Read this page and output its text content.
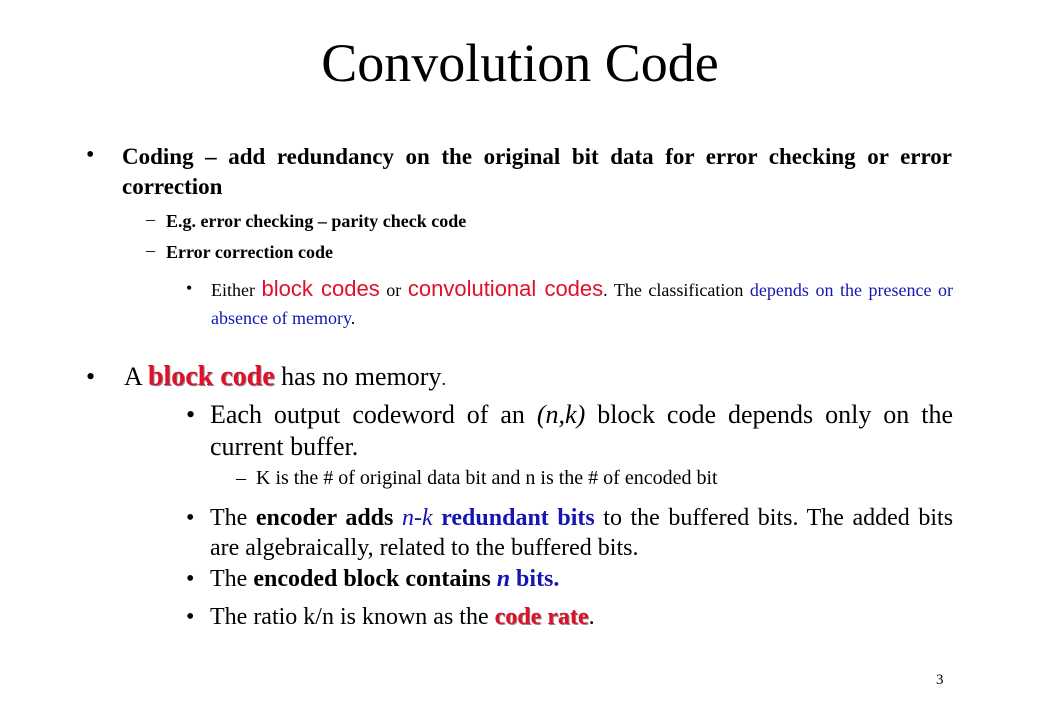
Convolution Code
• Coding – add redundancy on the original bit data for error checking or error correction
– E.g. error checking – parity check code
– Error correction code
• Either block codes or convolutional codes. The classification depends on the presence or absence of memory.
• A block code has no memory.
• Each output codeword of an (n,k) block code depends only on the current buffer.
– K is the # of original data bit and n is the # of encoded bit
• The encoder adds n-k redundant bits to the buffered bits. The added bits are algebraically, related to the buffered bits.
• The encoded block contains n bits.
• The ratio k/n is known as the code rate.
3
